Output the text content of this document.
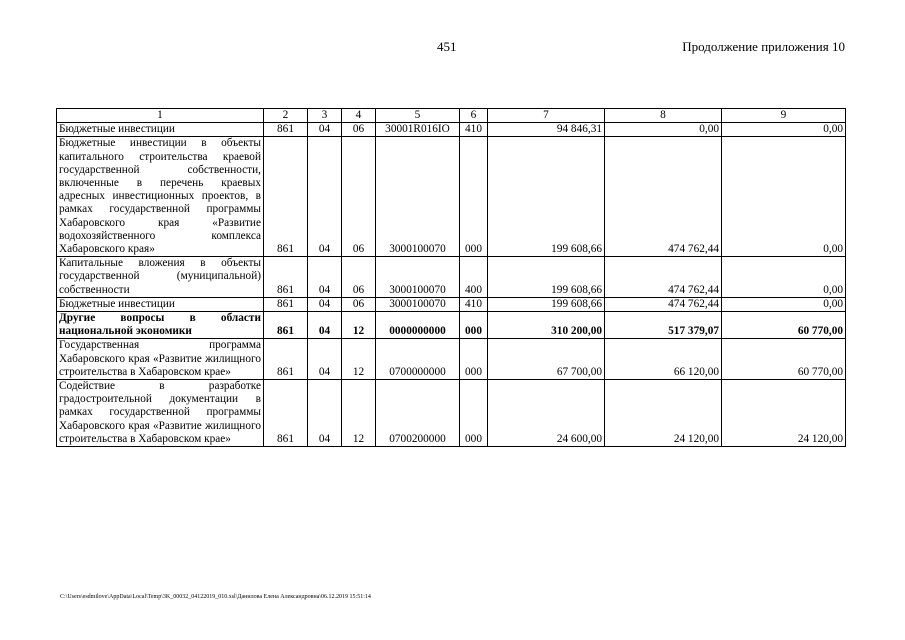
451	Продолжение приложения 10
1	2	3	4	5	6	7	8	9
Бюджетные инвестиции	861	04	06	30001R016IO	410	94 846,31	0,00	0,00
Бюджетные инвестиции в объекты капитального строительства краевой государственной собственности, включенные в перечень краевых адресных инвестиционных проектов, в рамках государственной программы Хабаровского края «Развитие водохозяйственного комплекса Хабаровского края»	861	04	06	3000100070	000	199 608,66	474 762,44	0,00
Капитальные вложения в объекты государственной (муниципальной) собственности	861	04	06	3000100070	400	199 608,66	474 762,44	0,00
Бюджетные инвестиции	861	04	06	3000100070	410	199 608,66	474 762,44	0,00
Другие вопросы в области национальной экономики	861	04	12	0000000000	000	310 200,00	517 379,07	60 770,00
Государственная программа Хабаровского края «Развитие жилищного строительства в Хабаровском крае»	861	04	12	0700000000	000	67 700,00	66 120,00	60 770,00
Содействие в разработке градостроительной документации в рамках государственной программы Хабаровского края «Развитие жилищного строительства в Хабаровском крае»	861	04	12	0700200000	000	24 600,00	24 120,00	24 120,00
C:\Users\esdmilove\AppData\Local\Temp\3K_00032_04122019_010.xsl\Даниловa Елена Александровна\06.12.2019 15:51:14
